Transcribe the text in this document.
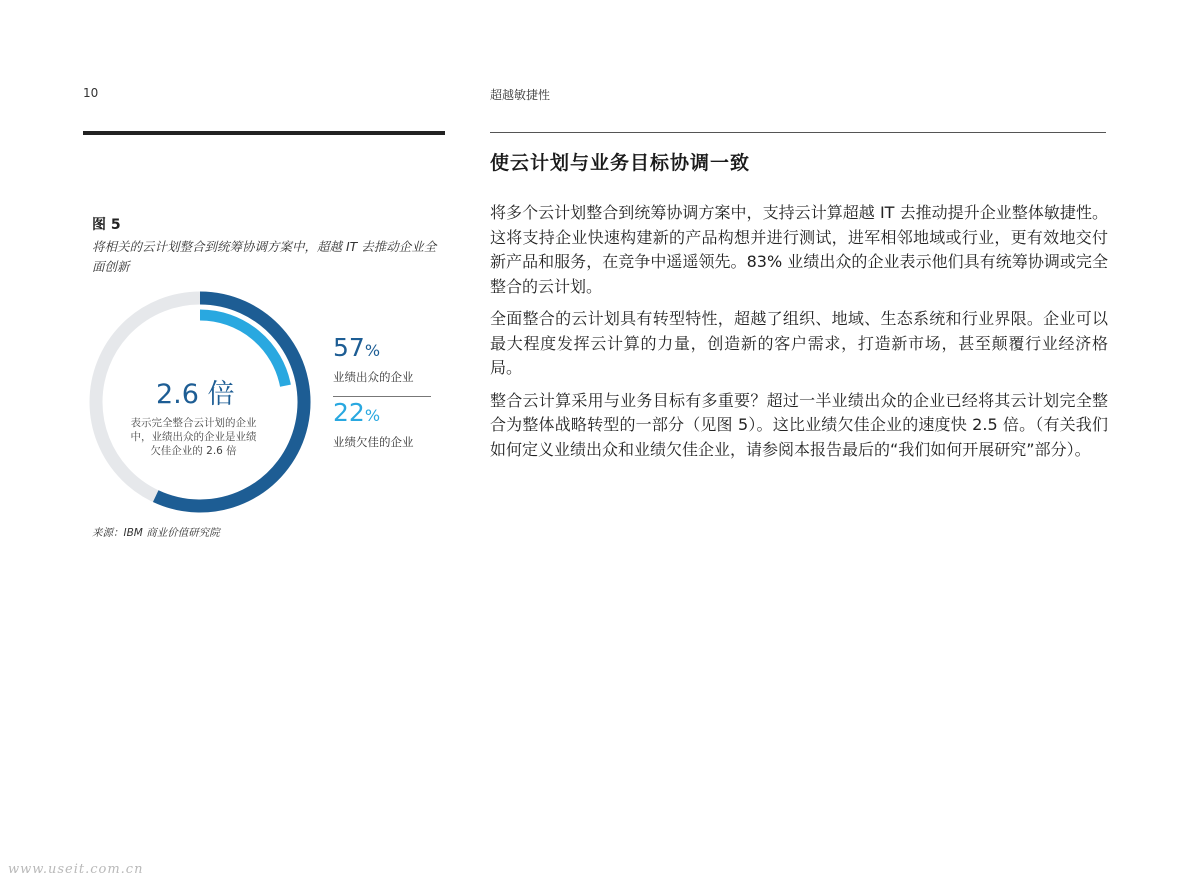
10	超越敏捷性
图 5
将相关的云计划整合到统筹协调方案中，超越 IT 去推动企业全面创新
2.6 倍
表示完全整合云计划的企业中，业绩出众的企业是业绩欠佳企业的 2.6 倍
57%
业绩出众的企业
22%
业绩欠佳的企业
来源：IBM 商业价值研究院
使云计划与业务目标协调一致

将多个云计划整合到统筹协调方案中，支持云计算超越 IT 去推动提升企业整体敏捷性。这将支持企业快速构建新的产品构想并进行测试，进军相邻地域或行业，更有效地交付新产品和服务，在竞争中遥遥领先。83% 业绩出众的企业表示他们具有统筹协调或完全整合的云计划。

全面整合的云计划具有转型特性，超越了组织、地域、生态系统和行业界限。企业可以最大程度发挥云计算的力量，创造新的客户需求，打造新市场，甚至颠覆行业经济格局。

整合云计算采用与业务目标有多重要？超过一半业绩出众的企业已经将其云计划完全整合为整体战略转型的一部分（见图 5）。这比业绩欠佳企业的速度快 2.5 倍。（有关我们如何定义业绩出众和业绩欠佳企业，请参阅本报告最后的“我们如何开展研究”部分）。

www.useit.com.cn
